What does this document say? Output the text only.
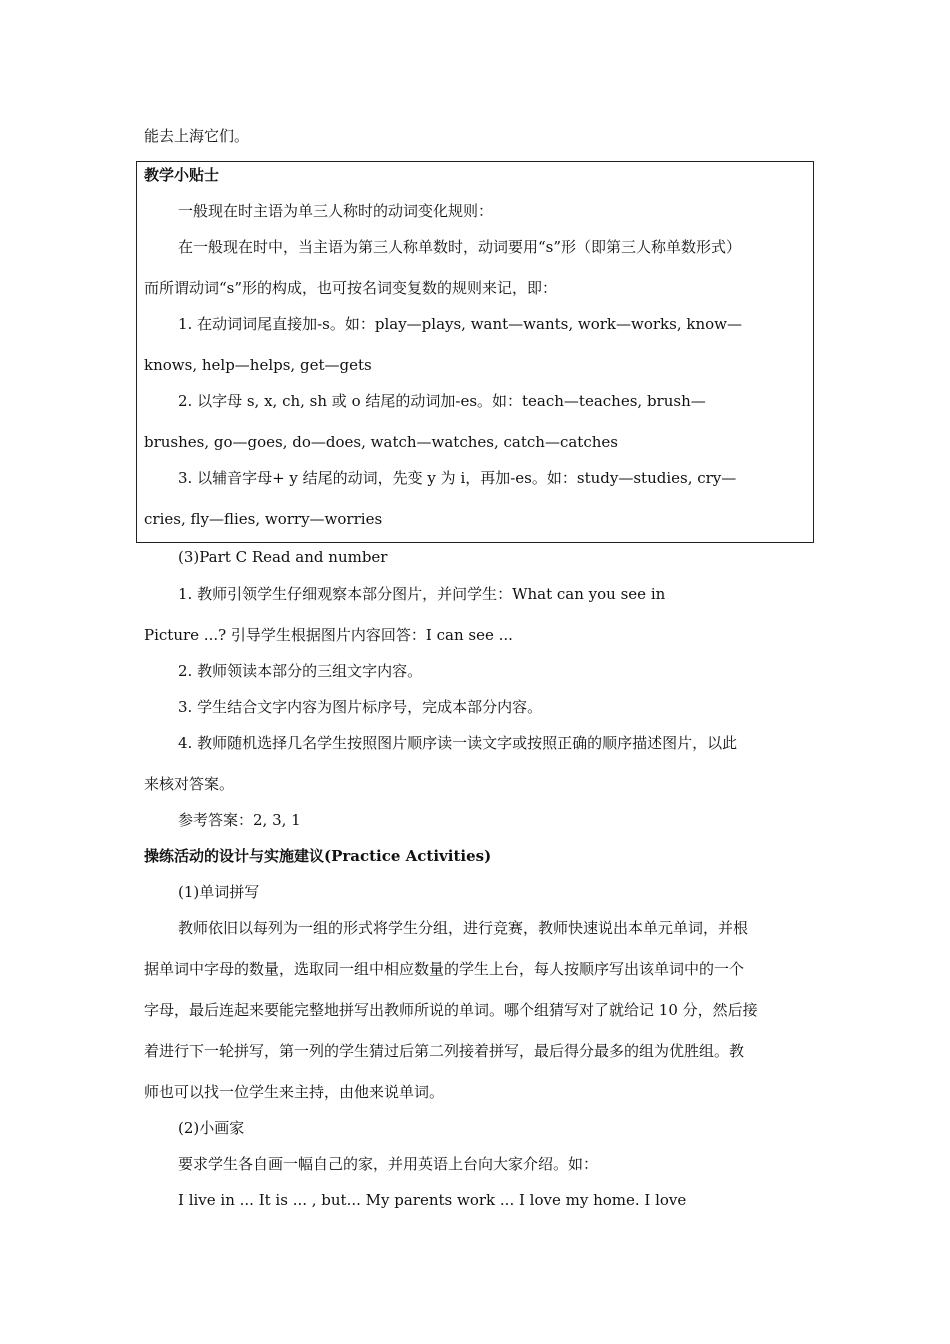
能去上海它们。
教学小贴士
一般现在时主语为单三人称时的动词变化规则：
在一般现在时中，当主语为第三人称单数时，动词要用“s”形（即第三人称单数形式）
而所谓动词“s”形的构成，也可按名词变复数的规则来记，即：
1. 在动词词尾直接加-s。如：play—plays, want—wants, work—works, know—
knows, help—helps, get—gets
2. 以字母 s, x, ch, sh 或 o 结尾的动词加-es。如：teach—teaches, brush—
brushes, go—goes, do—does, watch—watches, catch—catches
3. 以辅音字母+ y 结尾的动词，先变 y 为 i，再加-es。如：study—studies, cry—
cries, fly—flies, worry—worries
(3)Part C Read and number
1. 教师引领学生仔细观察本部分图片，并问学生：What can you see in
Picture ...? 引导学生根据图片内容回答：I can see ...
2. 教师领读本部分的三组文字内容。
3. 学生结合文字内容为图片标序号，完成本部分内容。
4. 教师随机选择几名学生按照图片顺序读一读文字或按照正确的顺序描述图片，以此
来核对答案。
参考答案：2, 3, 1
操练活动的设计与实施建议(Practice Activities)
(1)单词拼写
教师依旧以每列为一组的形式将学生分组，进行竞赛，教师快速说出本单元单词，并根
据单词中字母的数量，选取同一组中相应数量的学生上台，每人按顺序写出该单词中的一个
字母，最后连起来要能完整地拼写出教师所说的单词。哪个组猜写对了就给记 10 分，然后接
着进行下一轮拼写，第一列的学生猜过后第二列接着拼写，最后得分最多的组为优胜组。教
师也可以找一位学生来主持，由他来说单词。
(2)小画家
要求学生各自画一幅自己的家，并用英语上台向大家介绍。如：
I live in ... It is ... , but... My parents work ... I love my home. I love
